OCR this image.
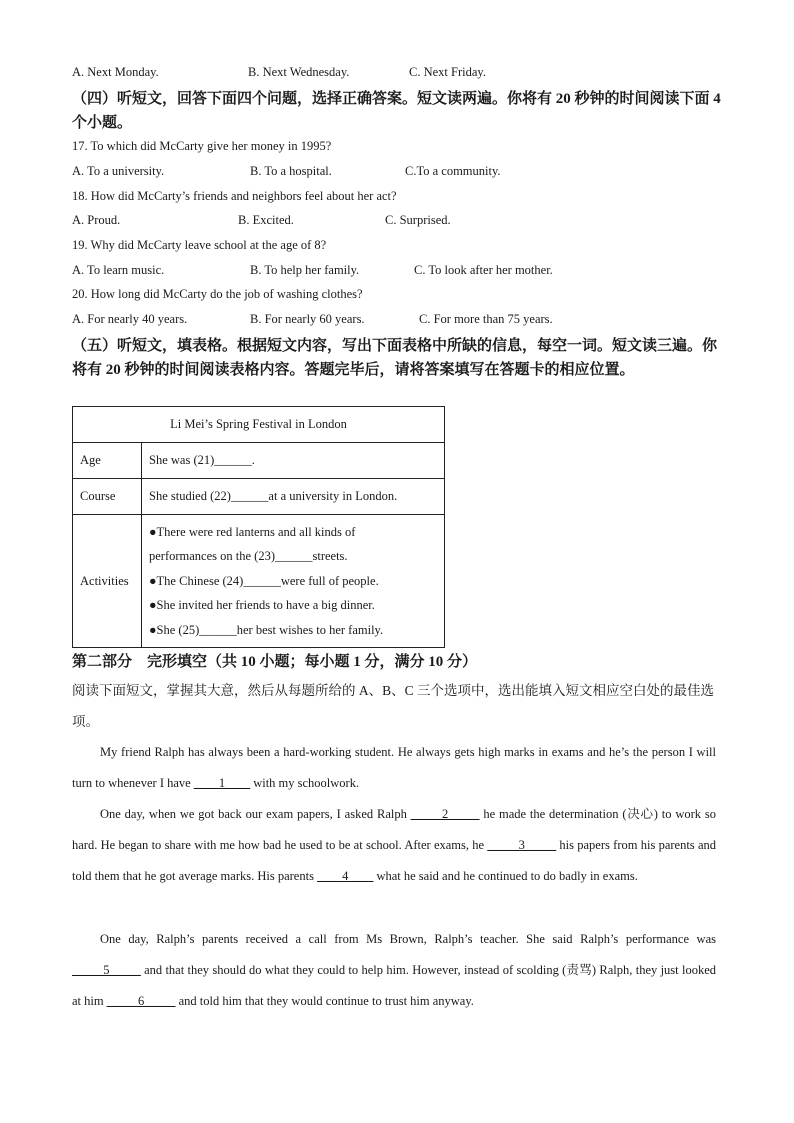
A. Next Monday.	B. Next Wednesday.	C. Next Friday.
（四）听短文，回答下面四个问题，选择正确答案。短文读两遍。你将有 20 秒钟的时间阅读下面 4 个小题。
17. To which did McCarty give her money in 1995?
A. To a university.	B. To a hospital.	C.To a community.
18. How did McCarty’s friends and neighbors feel about her act?
A. Proud.	B. Excited.	C. Surprised.
19. Why did McCarty leave school at the age of 8?
A. To learn music.	B. To help her family.	C. To look after her mother.
20. How long did McCarty do the job of washing clothes?
A. For nearly 40 years.	B. For nearly 60 years.	C. For more than 75 years.
（五）听短文，填表格。根据短文内容，写出下面表格中所缺的信息，每空一词。短文读三遍。你将有 20 秒钟的时间阅读表格内容。答题完毕后，请将答案填写在答题卡的相应位置。
Li Mei’s Spring Festival in London	
Age	She was (21)______.
Course	She studied (22)______at a university in London.
Activities	●There were red lanterns and all kinds of
performances on the (23)______streets.
●The Chinese (24)______were full of people.
●She invited her friends to have a big dinner.
●She (25)______her best wishes to her family.
第二部分　完形填空（共 10 小题；每小题 1 分，满分 10 分）
阅读下面短文，掌握其大意，然后从每题所给的 A、B、C 三个选项中，选出能填入短文相应空白处的最佳选项。
My friend Ralph has always been a hard-working student. He always gets high marks in exams and he’s the person I will turn to whenever I have ____1____ with my schoolwork.
One day, when we got back our exam papers, I asked Ralph _____2_____ he made the determination (决心) to work so hard. He began to share with me how bad he used to be at school. After exams, he _____3_____ his papers from his parents and told them that he got average marks. His parents ____4____ what he said and he continued to do badly in exams.
One day, Ralph’s parents received a call from Ms Brown, Ralph’s teacher. She said Ralph’s performance was _____5_____ and that they should do what they could to help him. However, instead of scolding (责骂) Ralph, they just looked at him _____6_____ and told him that they would continue to trust him anyway.
